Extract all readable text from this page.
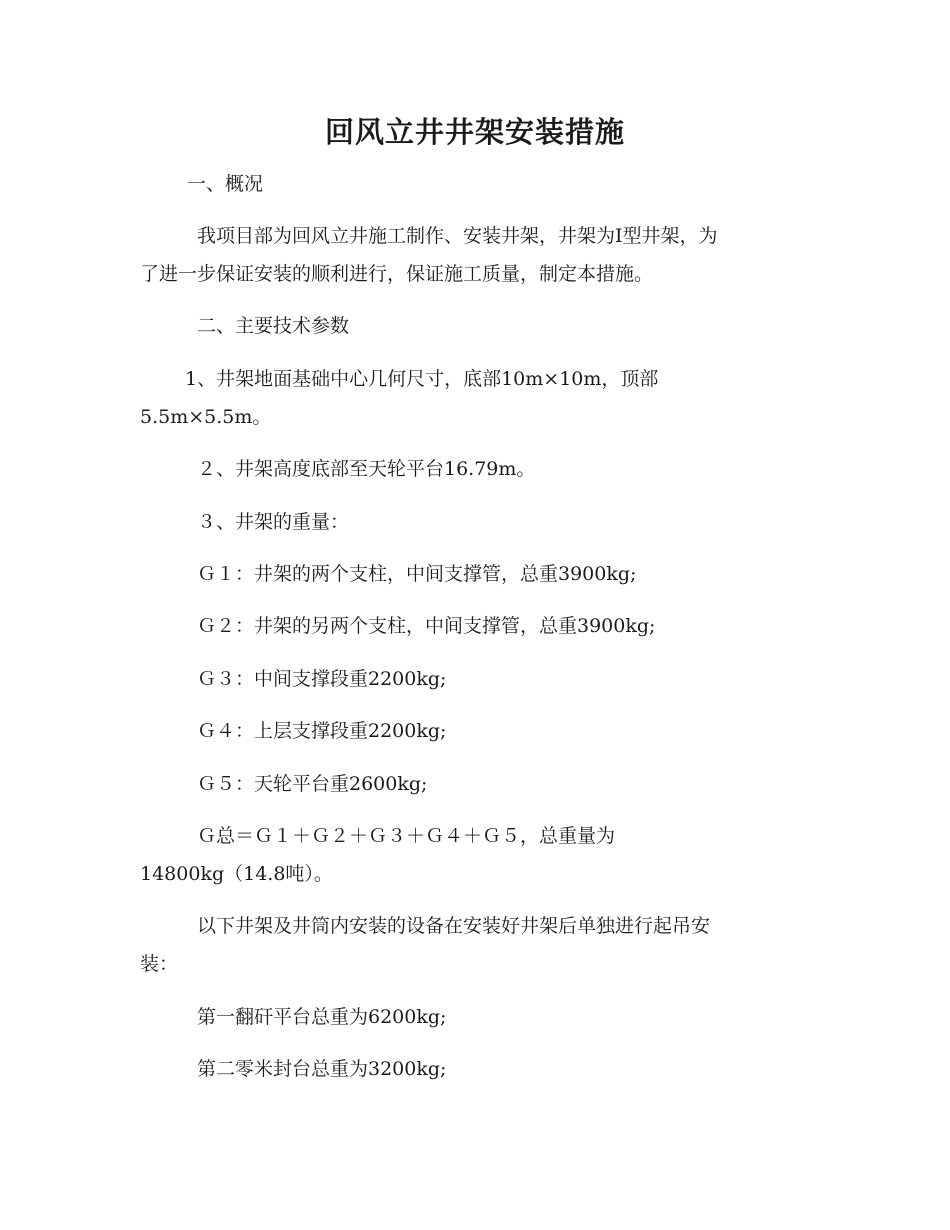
回风立井井架安装措施
一、概况
我项目部为回风立井施工制作、安装井架，井架为Ⅰ型井架，为
了进一步保证安装的顺利进行，保证施工质量，制定本措施。
二、主要技术参数
1、井架地面基础中心几何尺寸，底部10m×10m，顶部
5.5m×5.5m。
２、井架高度底部至天轮平台16.79m。
３、井架的重量：
Ｇ１：井架的两个支柱，中间支撑管，总重3900kg;
Ｇ２：井架的另两个支柱，中间支撑管，总重3900kg;
Ｇ３：中间支撑段重2200kg;
Ｇ４：上层支撑段重2200kg;
Ｇ５：天轮平台重2600kg;
Ｇ总＝Ｇ１＋Ｇ２＋Ｇ３＋Ｇ４＋Ｇ５，总重量为
14800kg（14.8吨）。
以下井架及井筒内安装的设备在安装好井架后单独进行起吊安
装：
第一翻矸平台总重为6200kg;
第二零米封台总重为3200kg;
